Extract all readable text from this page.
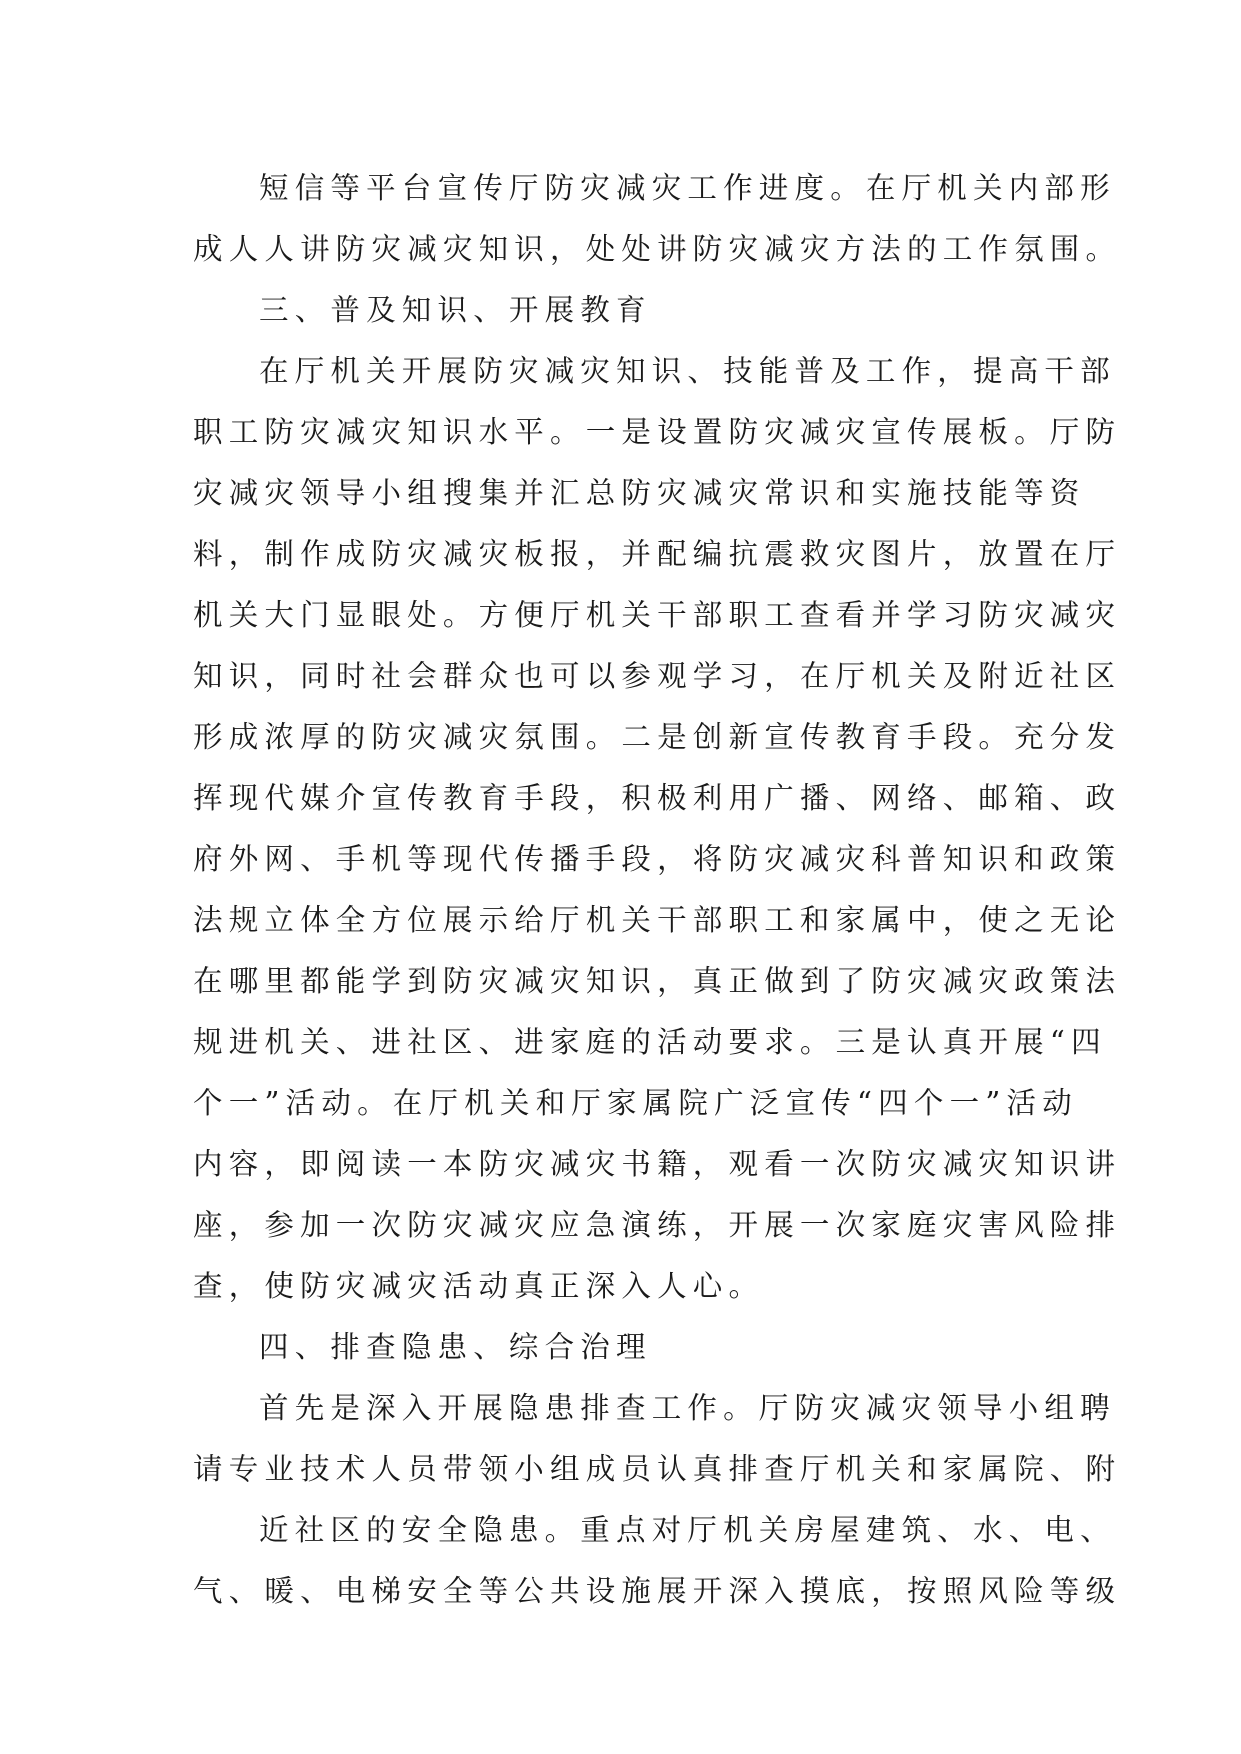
短信等平台宣传厅防灾减灾工作进度。在厅机关内部形
成人人讲防灾减灾知识，处处讲防灾减灾方法的工作氛围。
三、普及知识、开展教育
在厅机关开展防灾减灾知识、技能普及工作，提高干部
职工防灾减灾知识水平。一是设置防灾减灾宣传展板。厅防
灾减灾领导小组搜集并汇总防灾减灾常识和实施技能等资
料，制作成防灾减灾板报，并配编抗震救灾图片，放置在厅
机关大门显眼处。方便厅机关干部职工查看并学习防灾减灾
知识，同时社会群众也可以参观学习，在厅机关及附近社区
形成浓厚的防灾减灾氛围。二是创新宣传教育手段。充分发
挥现代媒介宣传教育手段，积极利用广播、网络、邮箱、政
府外网、手机等现代传播手段，将防灾减灾科普知识和政策
法规立体全方位展示给厅机关干部职工和家属中，使之无论
在哪里都能学到防灾减灾知识，真正做到了防灾减灾政策法
规进机关、进社区、进家庭的活动要求。三是认真开展“四
个一”活动。在厅机关和厅家属院广泛宣传“四个一”活动
内容，即阅读一本防灾减灾书籍，观看一次防灾减灾知识讲
座，参加一次防灾减灾应急演练，开展一次家庭灾害风险排
查，使防灾减灾活动真正深入人心。
四、排查隐患、综合治理
首先是深入开展隐患排查工作。厅防灾减灾领导小组聘
请专业技术人员带领小组成员认真排查厅机关和家属院、附
近社区的安全隐患。重点对厅机关房屋建筑、水、电、
气、暖、电梯安全等公共设施展开深入摸底，按照风险等级
